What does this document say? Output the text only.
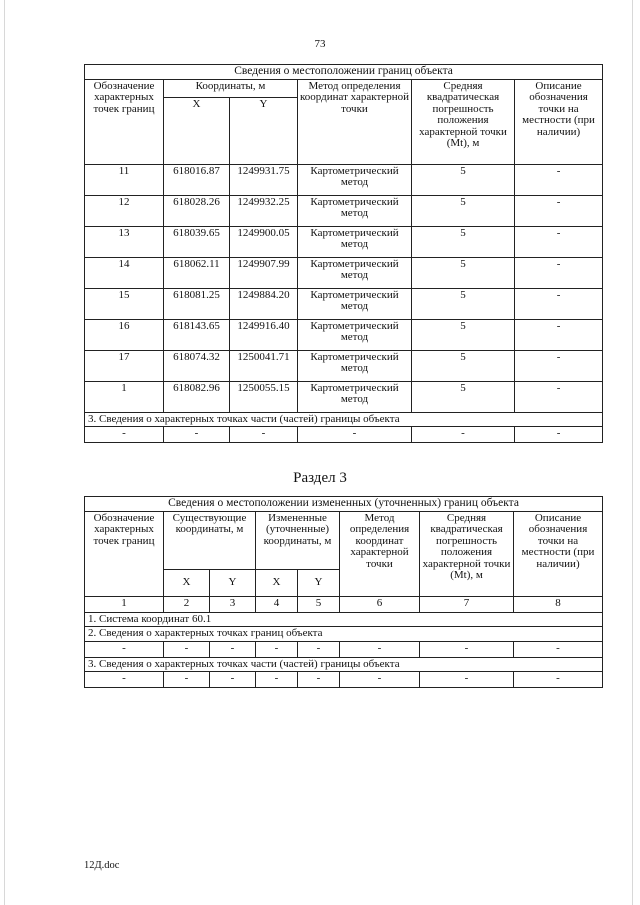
73
Сведения о местоположении границ объекта					
Обозначение характерных точек границ	Координаты, м		Метод определения координат характерной точки	Средняя квадратическая погрешность положения характерной точки (Mt), м	Описание обозначения точки на местности (при наличии)
	X	Y			
11	618016.87	1249931.75	Картометрический метод	5	-
12	618028.26	1249932.25	Картометрический метод	5	-
13	618039.65	1249900.05	Картометрический метод	5	-
14	618062.11	1249907.99	Картометрический метод	5	-
15	618081.25	1249884.20	Картометрический метод	5	-
16	618143.65	1249916.40	Картометрический метод	5	-
17	618074.32	1250041.71	Картометрический метод	5	-
1	618082.96	1250055.15	Картометрический метод	5	-
3. Сведения о характерных точках части (частей) границы объекта					
-	-	-	-	-	-
Раздел 3
Сведения о местоположении измененных (уточненных) границ объекта							
Обозначение характерных точек границ	Существующие координаты, м		Измененные (уточненные) координаты, м		Метод определения координат характерной точки	Средняя квадратическая погрешность положения характерной точки (Mt), м	Описание обозначения точки на местности (при наличии)
	X	Y	X	Y			
1	2	3	4	5	6	7	8
1. Система координат 60.1							
2. Сведения о характерных точках границ объекта							
-	-	-	-	-	-	-	-
3. Сведения о характерных точках части (частей) границы объекта							
-	-	-	-	-	-	-	-
12Д.doc
